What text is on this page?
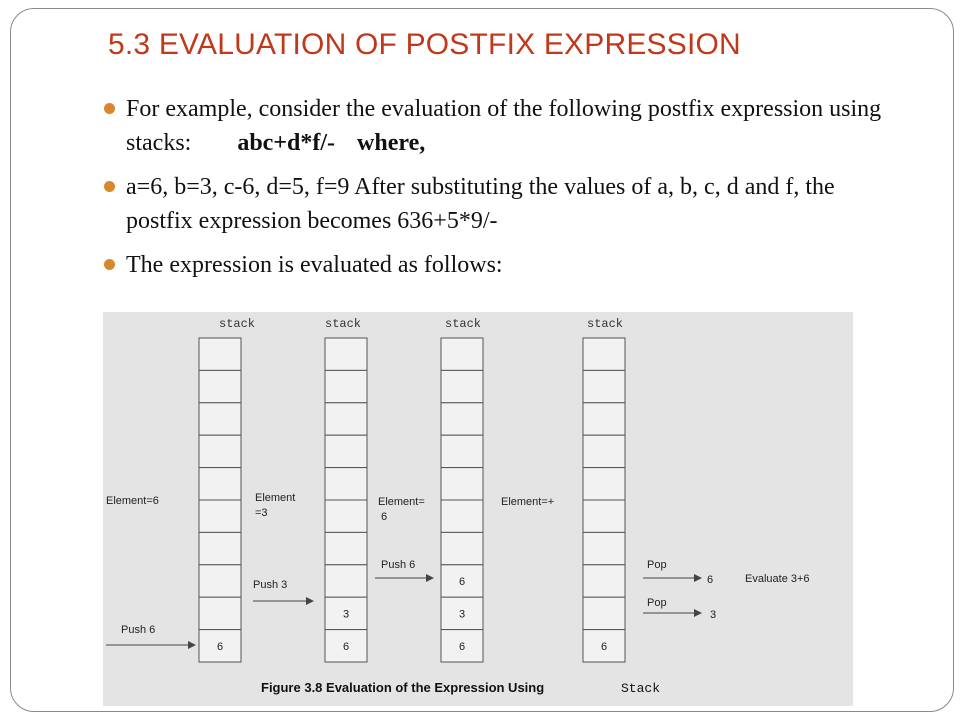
5.3 EVALUATION OF POSTFIX EXPRESSION
For example, consider the evaluation of the following postfix expression using stacks: abc+d*f/- where,
a=6, b=3, c-6, d=5, f=9 After substituting the values of a, b, c, d and f, the postfix expression becomes 636+5*9/-
The expression is evaluated as follows:
stack	stack	stack	stack
6
3
6
6
3
6	6
Element=6	Element
=3
Element=
6
Element=+
Push 6
Push 3
Push 6	Pop
Pop
6
3
Evaluate 3+6
Figure 3.8 Evaluation of the Expression Using	Stack
